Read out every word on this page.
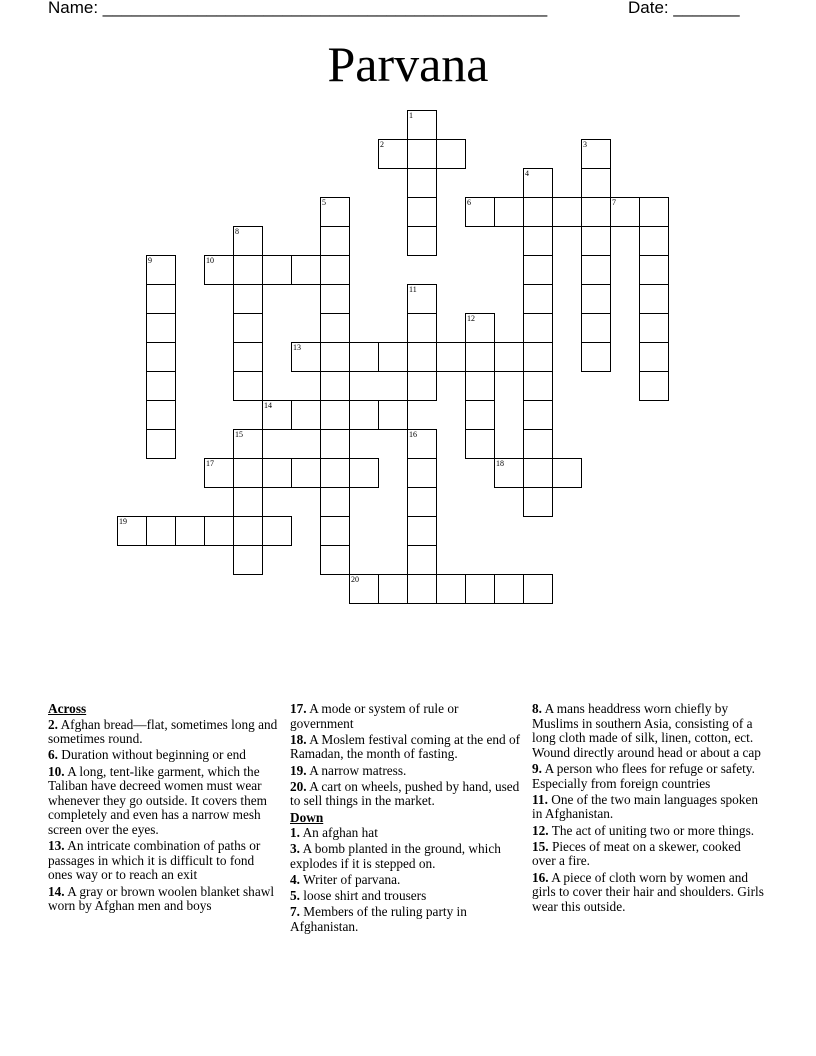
Name: _______________________________________________	Date: _______
Parvana
1
2	3
4
5	6	7
8
9	10
11
12
13
14
15	16
17	18
19
20
Across
2. Afghan bread—flat, sometimes long and sometimes round.
6. Duration without beginning or end
10. A long, tent-like garment, which the Taliban have decreed women must wear whenever they go outside. It covers them completely and even has a narrow mesh screen over the eyes.
13. An intricate combination of paths or passages in which it is difficult to fond ones way or to reach an exit
14. A gray or brown woolen blanket shawl worn by Afghan men and boys
17. A mode or system of rule or government
18. A Moslem festival coming at the end of Ramadan, the month of fasting.
19. A narrow matress.
20. A cart on wheels, pushed by hand, used to sell things in the market.
Down
1. An afghan hat
3. A bomb planted in the ground, which explodes if it is stepped on.
4. Writer of parvana.
5. loose shirt and trousers
7. Members of the ruling party in Afghanistan.
8. A mans headdress worn chiefly by Muslims in southern Asia, consisting of a long cloth made of silk, linen, cotton, ect. Wound directly around head or about a cap
9. A person who flees for refuge or safety. Especially from foreign countries
11. One of the two main languages spoken in Afghanistan.
12. The act of uniting two or more things.
15. Pieces of meat on a skewer, cooked over a fire.
16. A piece of cloth worn by women and girls to cover their hair and shoulders. Girls wear this outside.
